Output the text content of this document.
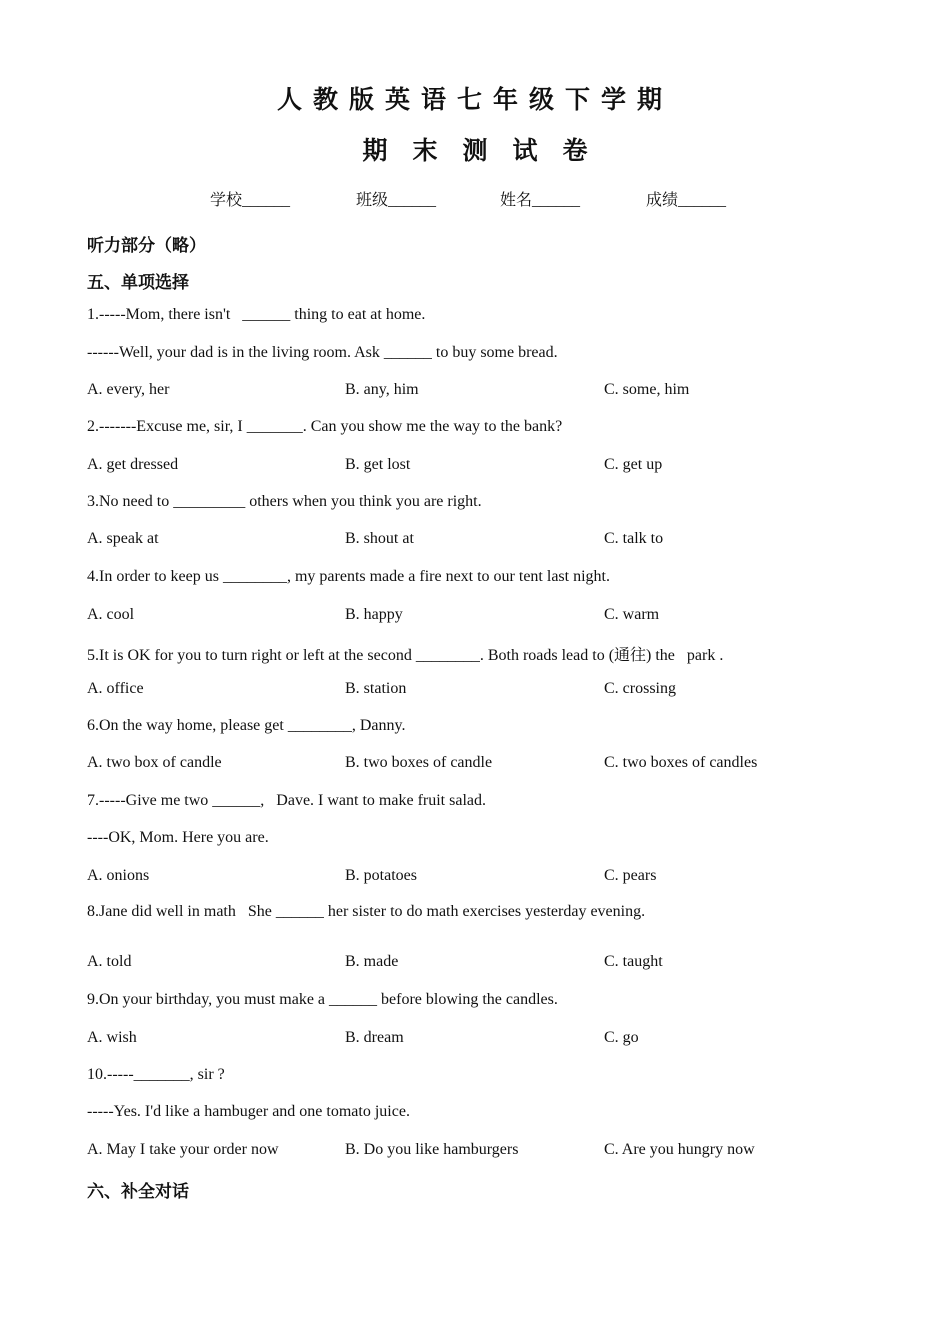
人教版英语七年级下学期
期末测试卷
学校______	班级______	姓名______	成绩______
听力部分（略）
五、单项选择
1.-----Mom, there isn't   ______ thing to eat at home.
------Well, your dad is in the living room. Ask ______ to buy some bread.
A. every, her	B. any, him	C. some, him
2.-------Excuse me, sir, I _______. Can you show me the way to the bank?
A. get dressed	B. get lost	C. get up
3.No need to _________ others when you think you are right.
A. speak at	B. shout at	C. talk to
4.In order to keep us ________, my parents made a fire next to our tent last night.
A. cool	B. happy	C. warm
5.It is OK for you to turn right or left at the second ________. Both roads lead to (通往) the   park .
A. office	B. station	C. crossing
6.On the way home, please get ________, Danny.
A. two box of candle	B. two boxes of candle	C. two boxes of candles
7.-----Give me two ______,   Dave. I want to make fruit salad.
----OK, Mom. Here you are.
A. onions	B. potatoes	C. pears
8.Jane did well in math   She ______ her sister to do math exercises yesterday evening.
A. told	B. made	C. taught
9.On your birthday, you must make a ______ before blowing the candles.
A. wish	B. dream	C. go
10.-----_______, sir ?
-----Yes. I'd like a hambuger and one tomato juice.
A. May I take your order now	B. Do you like hamburgers	C. Are you hungry now
六、补全对话
